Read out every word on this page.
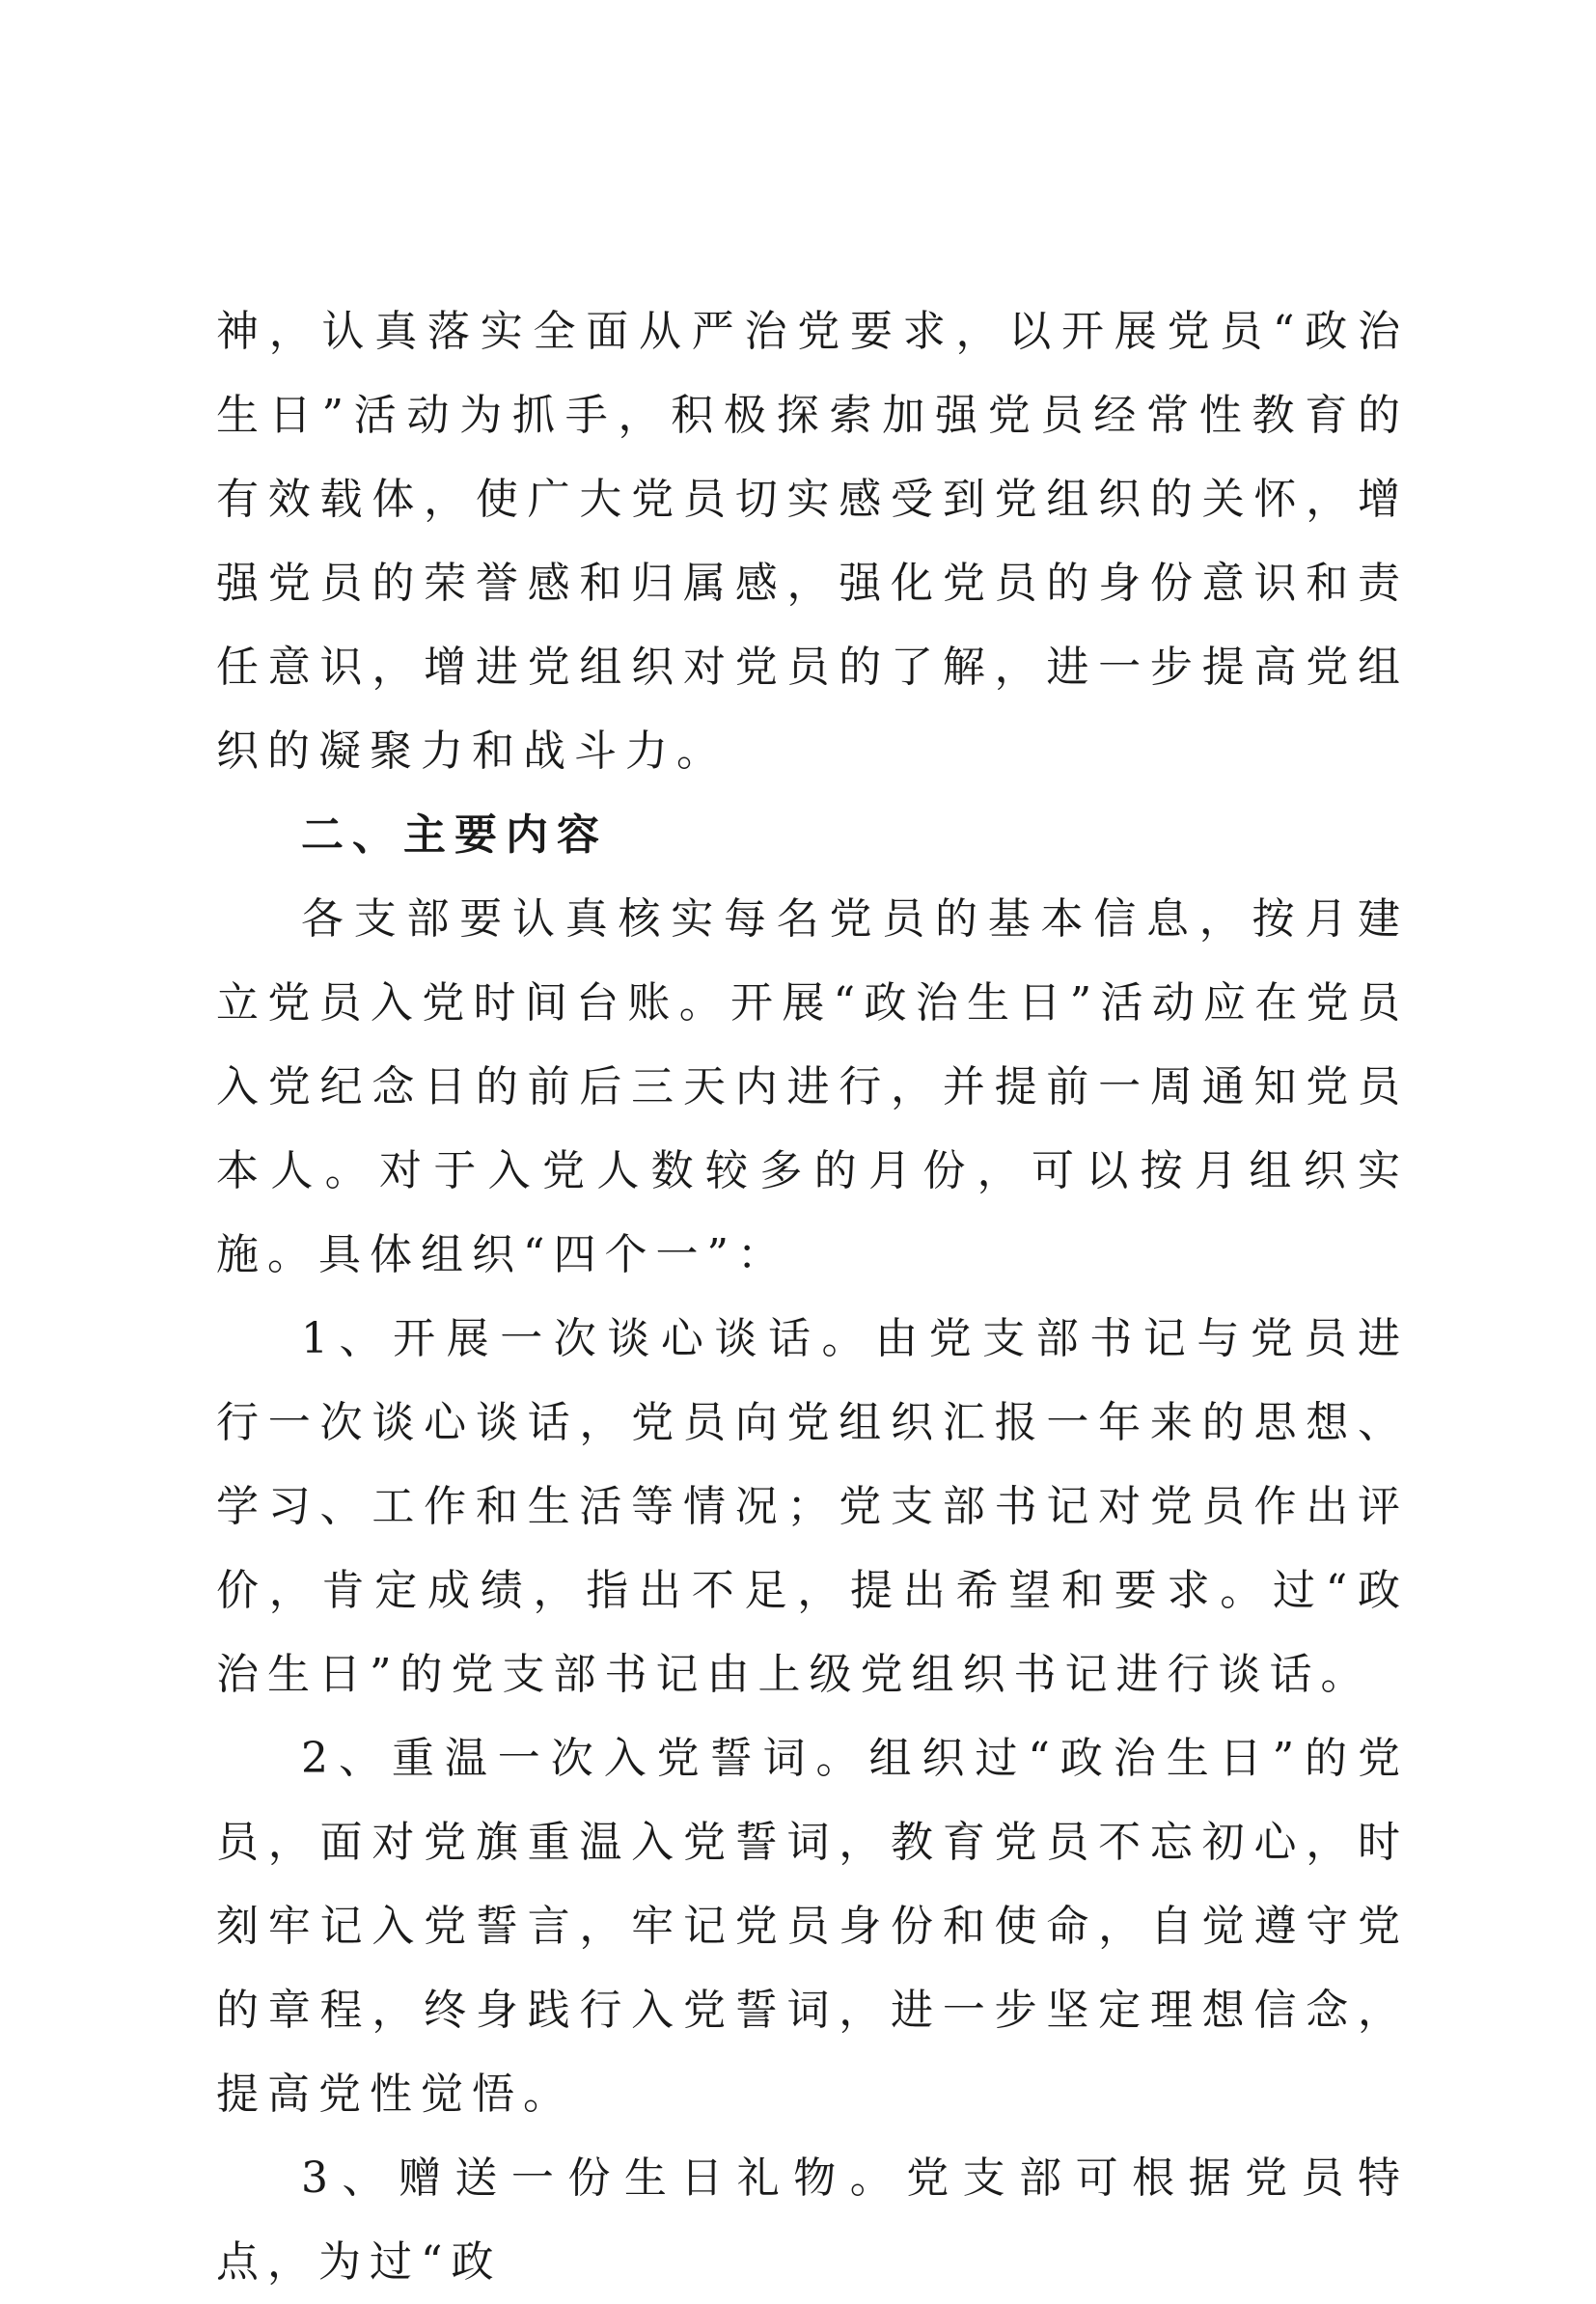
神，认真落实全面从严治党要求，以开展党员“政治生日”活动为抓手，积极探索加强党员经常性教育的有效载体，使广大党员切实感受到党组织的关怀，增强党员的荣誉感和归属感，强化党员的身份意识和责任意识，增进党组织对党员的了解，进一步提高党组织的凝聚力和战斗力。

二、主要内容

各支部要认真核实每名党员的基本信息，按月建立党员入党时间台账。开展“政治生日”活动应在党员入党纪念日的前后三天内进行，并提前一周通知党员本人。对于入党人数较多的月份，可以按月组织实施。具体组织“四个一”：

1、开展一次谈心谈话。由党支部书记与党员进行一次谈心谈话，党员向党组织汇报一年来的思想、学习、工作和生活等情况；党支部书记对党员作出评价，肯定成绩，指出不足，提出希望和要求。过“政治生日”的党支部书记由上级党组织书记进行谈话。

2、重温一次入党誓词。组织过“政治生日”的党员，面对党旗重温入党誓词，教育党员不忘初心，时刻牢记入党誓言，牢记党员身份和使命，自觉遵守党的章程，终身践行入党誓词，进一步坚定理想信念，提高党性觉悟。

3、赠送一份生日礼物。党支部可根据党员特点，为过“政
